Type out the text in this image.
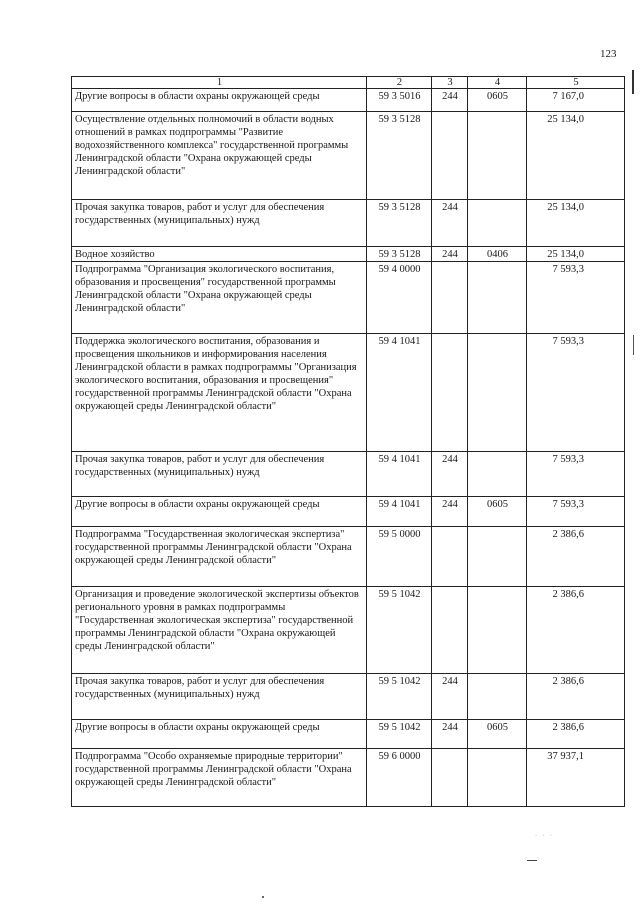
123
· · ·
1	2	3	4	5
Другие вопросы в области охраны окружающей среды	59 3 5016	244	0605	7 167,0
Осуществление отдельных полномочий в области водных отношений в рамках подпрограммы "Развитие водохозяйственного комплекса" государственной программы Ленинградской области "Охрана окружающей среды Ленинградской области"	59 3 5128			25 134,0
Прочая закупка товаров, работ и услуг для обеспечения государственных (муниципальных) нужд	59 3 5128	244		25 134,0
Водное хозяйство	59 3 5128	244	0406	25 134,0
Подпрограмма "Организация экологического воспитания, образования и просвещения" государственной программы Ленинградской области "Охрана окружающей среды Ленинградской области"	59 4 0000			7 593,3
Поддержка экологического воспитания, образования и просвещения школьников и информирования населения Ленинградской области в рамках подпрограммы "Организация экологического воспитания, образования и просвещения" государственной программы Ленинградской области "Охрана окружающей среды Ленинградской области"	59 4 1041			7 593,3
Прочая закупка товаров, работ и услуг для обеспечения государственных (муниципальных) нужд	59 4 1041	244		7 593,3
Другие вопросы в области охраны окружающей среды	59 4 1041	244	0605	7 593,3
Подпрограмма "Государственная экологическая экспертиза" государственной программы Ленинградской области "Охрана окружающей среды Ленинградской области"	59 5 0000			2 386,6
Организация и проведение экологической экспертизы объектов регионального уровня в рамках подпрограммы "Государственная экологическая экспертиза" государственной программы Ленинградской области "Охрана окружающей среды Ленинградской области"	59 5 1042			2 386,6
Прочая закупка товаров, работ и услуг для обеспечения государственных (муниципальных) нужд	59 5 1042	244		2 386,6
Другие вопросы в области охраны окружающей среды	59 5 1042	244	0605	2 386,6
Подпрограмма "Особо охраняемые природные территории" государственной программы Ленинградской области "Охрана окружающей среды Ленинградской области"	59 6 0000			37 937,1
